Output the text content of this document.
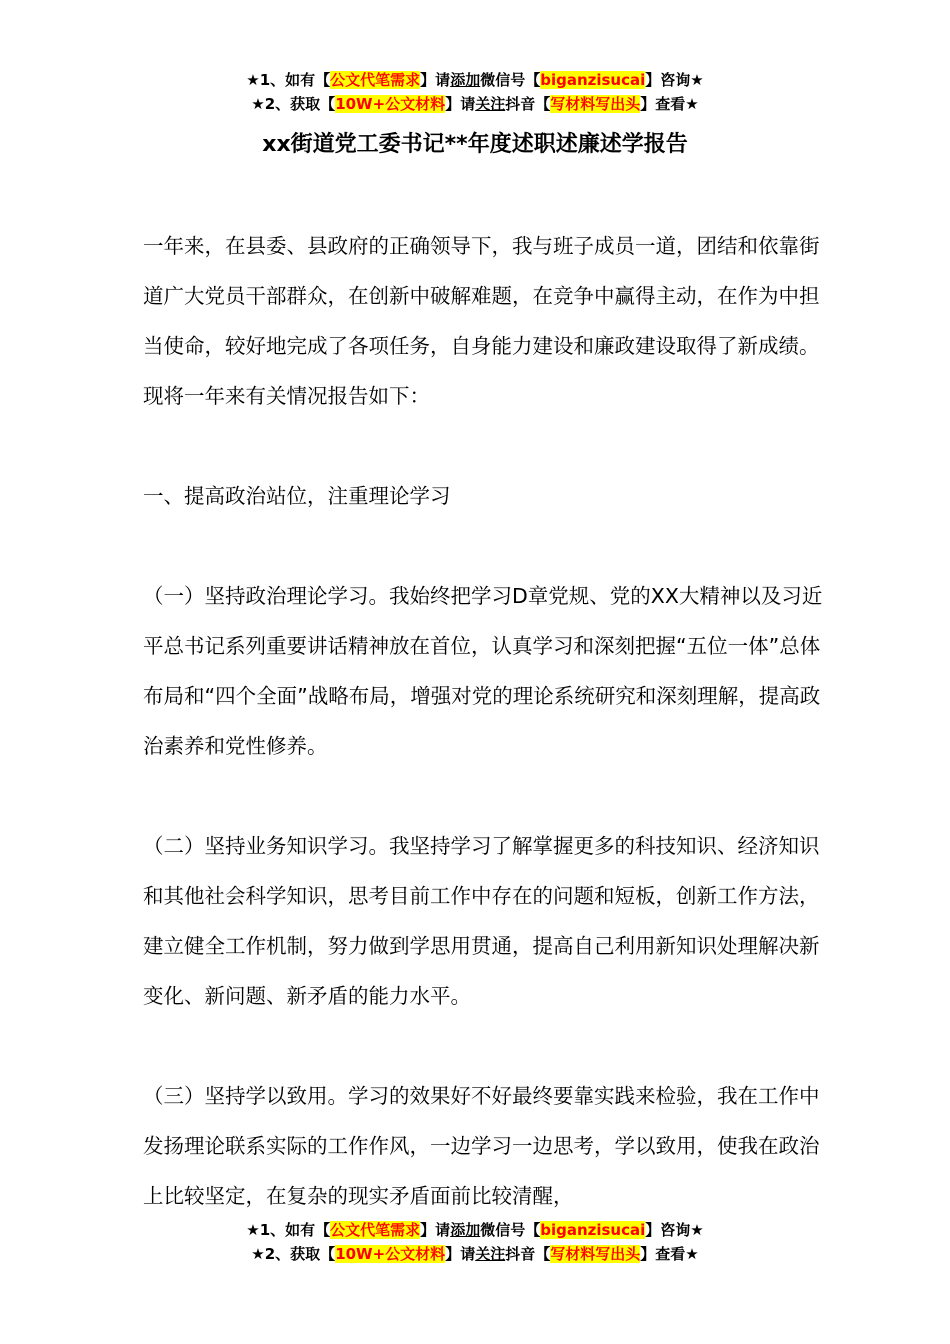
★1、如有【公文代笔需求】请添加微信号【biganzisucai】咨询★
★2、获取【10W+公文材料】请关注抖音【写材料写出头】查看★
xx街道党工委书记**年度述职述廉述学报告

一年来，在县委、县政府的正确领导下，我与班子成员一道，团结和依靠街道广大党员干部群众，在创新中破解难题，在竞争中赢得主动，在作为中担当使命，较好地完成了各项任务，自身能力建设和廉政建设取得了新成绩。现将一年来有关情况报告如下：

一、提高政治站位，注重理论学习

（一）坚持政治理论学习。我始终把学习D章党规、党的XX大精神以及习近平总书记系列重要讲话精神放在首位，认真学习和深刻把握“五位一体”总体布局和“四个全面”战略布局，增强对党的理论系统研究和深刻理解，提高政治素养和党性修养。

（二）坚持业务知识学习。我坚持学习了解掌握更多的科技知识、经济知识和其他社会科学知识，思考目前工作中存在的问题和短板，创新工作方法，建立健全工作机制，努力做到学思用贯通，提高自己利用新知识处理解决新变化、新问题、新矛盾的能力水平。

（三）坚持学以致用。学习的效果好不好最终要靠实践来检验，我在工作中发扬理论联系实际的工作作风，一边学习一边思考，学以致用，使我在政治上比较坚定，在复杂的现实矛盾面前比较清醒，

★1、如有【公文代笔需求】请添加微信号【biganzisucai】咨询★
★2、获取【10W+公文材料】请关注抖音【写材料写出头】查看★
